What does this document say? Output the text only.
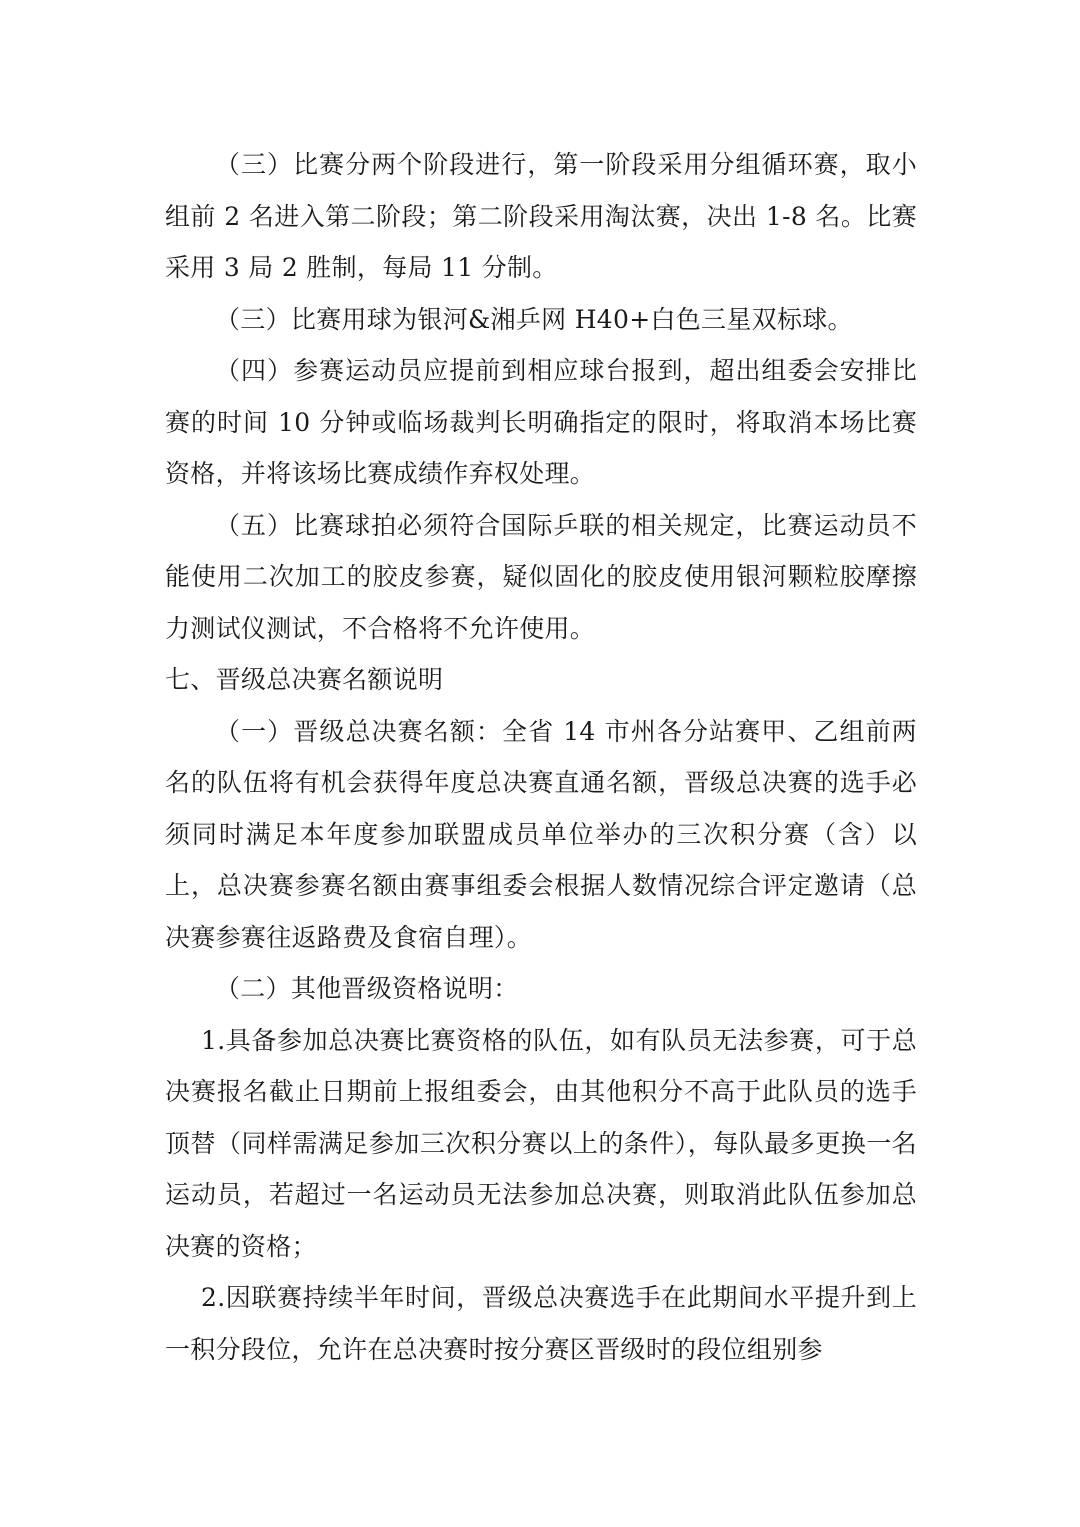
（三）比赛分两个阶段进行，第一阶段采用分组循环赛，取小组前 2 名进入第二阶段；第二阶段采用淘汰赛，决出 1-8 名。比赛采用 3 局 2 胜制，每局 11 分制。

（三）比赛用球为银河&湘乒网 H40+白色三星双标球。

（四）参赛运动员应提前到相应球台报到，超出组委会安排比赛的时间 10 分钟或临场裁判长明确指定的限时，将取消本场比赛资格，并将该场比赛成绩作弃权处理。

（五）比赛球拍必须符合国际乒联的相关规定，比赛运动员不能使用二次加工的胶皮参赛，疑似固化的胶皮使用银河颗粒胶摩擦力测试仪测试，不合格将不允许使用。

七、晋级总决赛名额说明

（一）晋级总决赛名额：全省 14 市州各分站赛甲、乙组前两名的队伍将有机会获得年度总决赛直通名额，晋级总决赛的选手必须同时满足本年度参加联盟成员单位举办的三次积分赛（含）以上，总决赛参赛名额由赛事组委会根据人数情况综合评定邀请（总决赛参赛往返路费及食宿自理）。

（二）其他晋级资格说明：

1.具备参加总决赛比赛资格的队伍，如有队员无法参赛，可于总决赛报名截止日期前上报组委会，由其他积分不高于此队员的选手顶替（同样需满足参加三次积分赛以上的条件），每队最多更换一名运动员，若超过一名运动员无法参加总决赛，则取消此队伍参加总决赛的资格；

2.因联赛持续半年时间，晋级总决赛选手在此期间水平提升到上一积分段位，允许在总决赛时按分赛区晋级时的段位组别参
